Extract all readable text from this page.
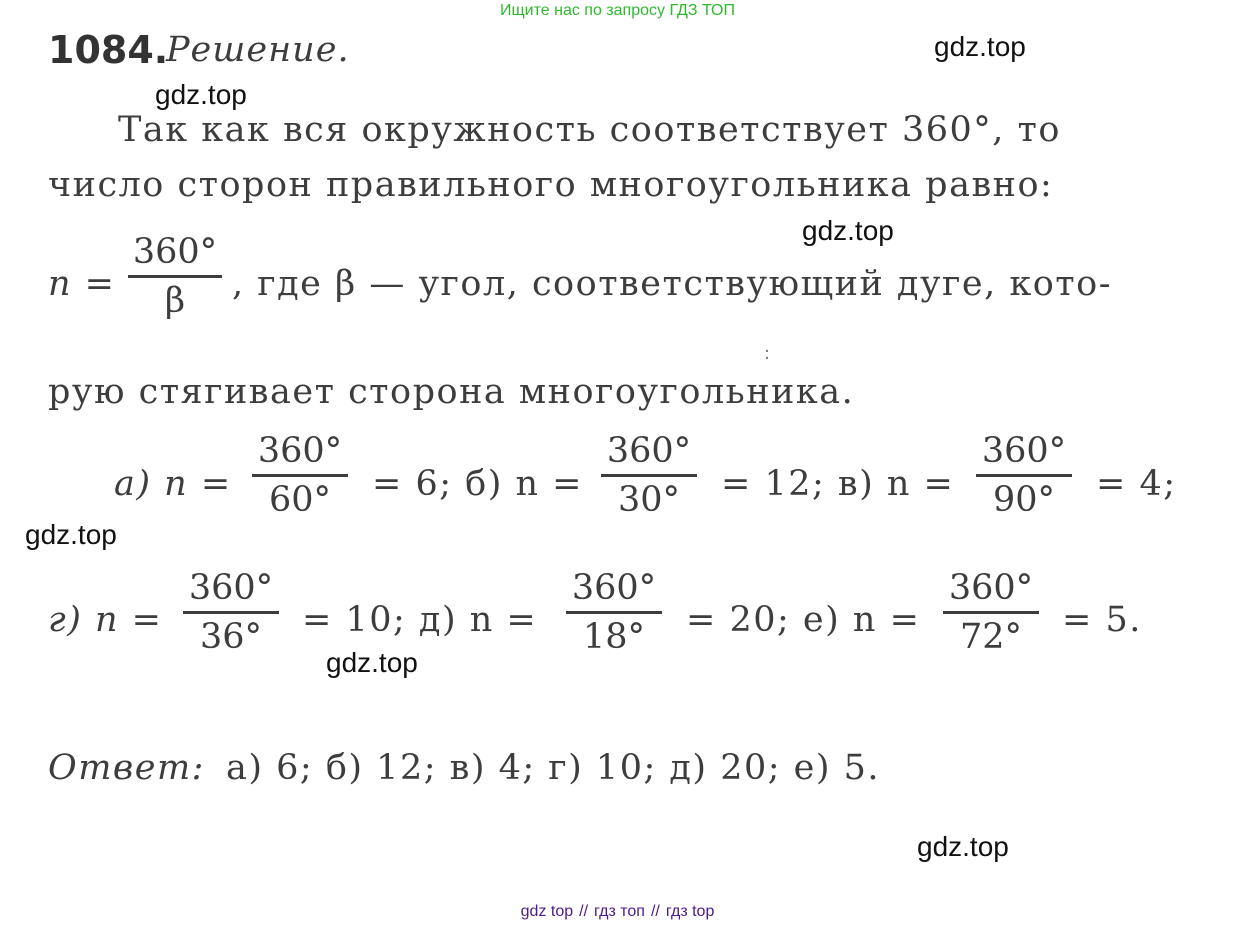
Ищите нас по запросу ГДЗ ТОП
1084.
Решение.	gdz.top
gdz.top
gdz.top
gdz.top
gdz.top
gdz.top
Так как вся окружность соответствует 360°, то
число сторон правильного многоугольника равно:
n =
360°
β , где β — угол, соответствующий дуге, кото-
:
рую стягивает сторона многоугольника.
а) n =
360°
60° = 6; б) n =
360°
30° = 12; в) n =
360°
90° = 4;
г) n =
360°
36° = 10; д) n =
360°
18° = 20; е) n =
360°
72° = 5.
Ответ: а) 6; б) 12; в) 4; г) 10; д) 20; е) 5.
gdz top // гдз топ // гдз top
